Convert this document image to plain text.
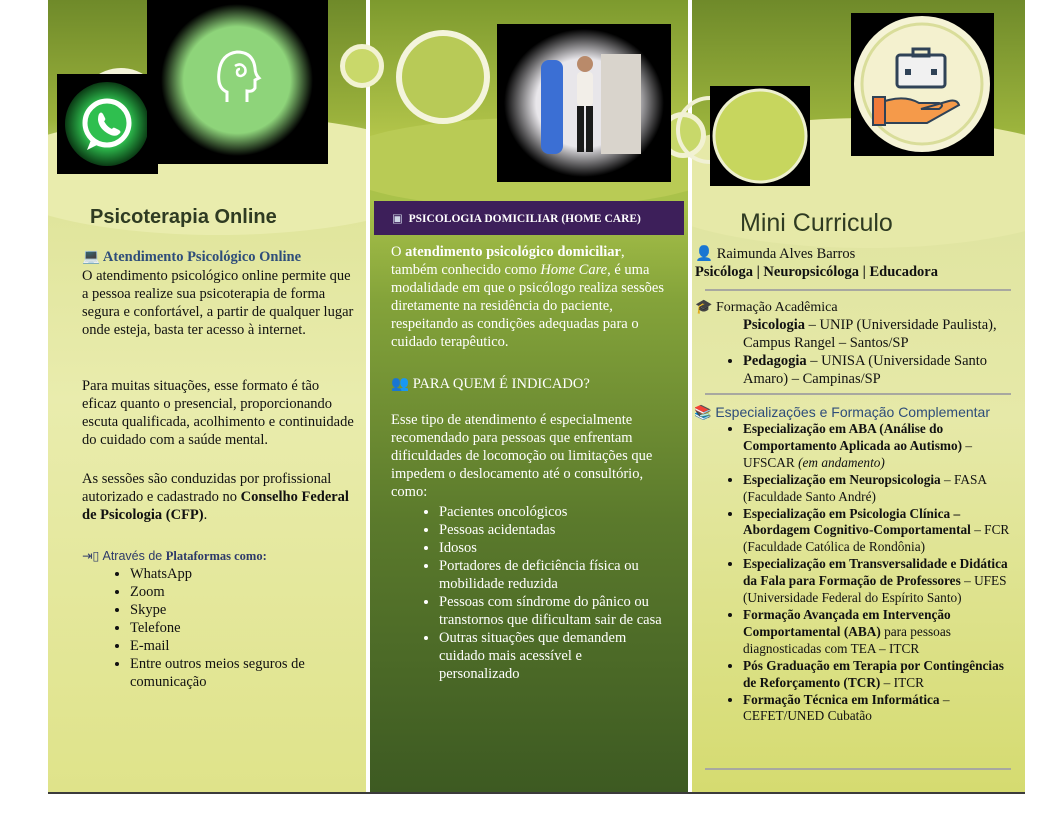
Psicoterapia Online
💻 Atendimento Psicológico Online
O atendimento psicológico online permite que a pessoa realize sua psicoterapia de forma segura e confortável, a partir de qualquer lugar onde esteja, basta ter acesso à internet.
Para muitas situações, esse formato é tão eficaz quanto o presencial, proporcionando escuta qualificada, acolhimento e continuidade do cuidado com a saúde mental.
As sessões são conduzidas por profissional autorizado e cadastrado no Conselho Federal de Psicologia (CFP).
⇥▯ Através de Plataformas como:
• WhatsApp
• Zoom
• Skype
• Telefone
• E-mail
• Entre outros meios seguros de comunicação
▣ PSICOLOGIA DOMICILIAR (HOME CARE)
O atendimento psicológico domiciliar, também conhecido como Home Care, é uma modalidade em que o psicólogo realiza sessões diretamente na residência do paciente, respeitando as condições adequadas para o cuidado terapêutico.
👥 PARA QUEM É INDICADO?
Esse tipo de atendimento é especialmente recomendado para pessoas que enfrentam dificuldades de locomoção ou limitações que impedem o deslocamento até o consultório, como:
• Pacientes oncológicos
• Pessoas acidentadas
• Idosos
• Portadores de deficiência física ou mobilidade reduzida
• Pessoas com síndrome do pânico ou transtornos que dificultam sair de casa
• Outras situações que demandem cuidado mais acessível e personalizado
Mini Curriculo
👤 Raimunda Alves Barros
Psicóloga | Neuropsicóloga | Educadora
🎓 Formação Acadêmica
Psicologia – UNIP (Universidade Paulista), Campus Rangel – Santos/SP
• Pedagogia – UNISA (Universidade Santo Amaro) – Campinas/SP
📚 Especializações e Formação Complementar
• Especialização em ABA (Análise do Comportamento Aplicada ao Autismo) – UFSCAR (em andamento)
• Especialização em Neuropsicologia – FASA (Faculdade Santo André)
• Especialização em Psicologia Clínica – Abordagem Cognitivo-Comportamental – FCR (Faculdade Católica de Rondônia)
• Especialização em Transversalidade e Didática da Fala para Formação de Professores – UFES (Universidade Federal do Espírito Santo)
• Formação Avançada em Intervenção Comportamental (ABA) para pessoas diagnosticadas com TEA – ITCR
• Pós Graduação em Terapia por Contingências de Reforçamento (TCR) – ITCR
• Formação Técnica em Informática – CEFET/UNED Cubatão
